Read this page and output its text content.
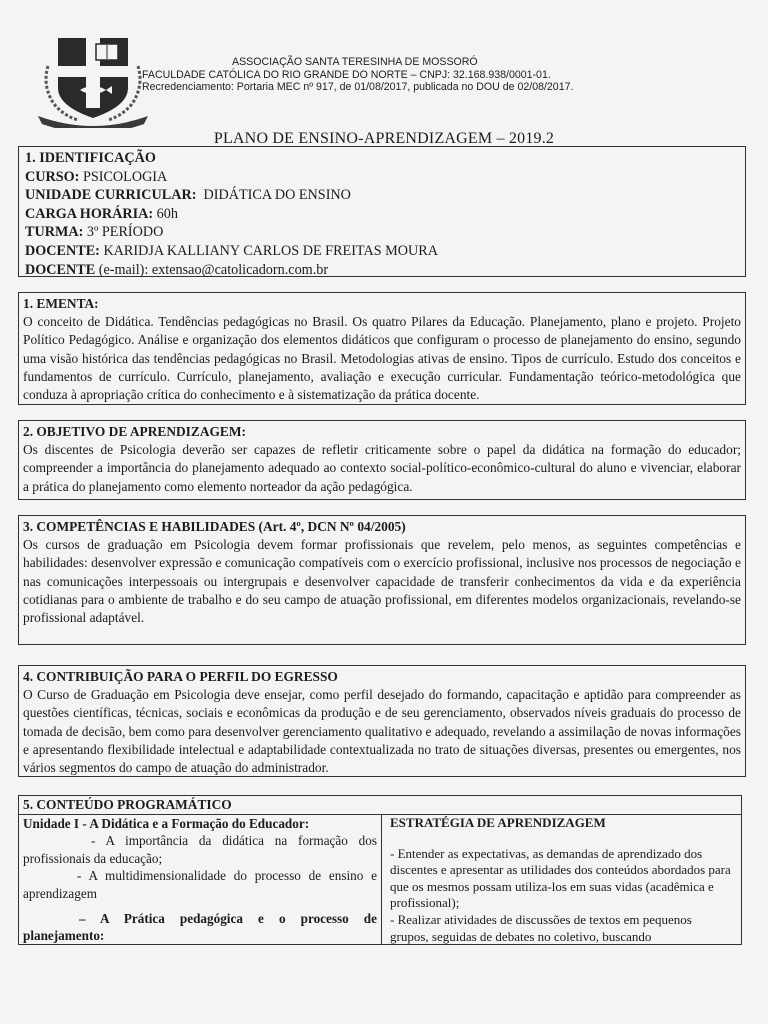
ASSOCIAÇÃO SANTA TERESINHA DE MOSSORÓ
FACULDADE CATÓLICA DO RIO GRANDE DO NORTE – CNPJ: 32.168.938/0001-01.
Recredenciamento: Portaria MEC nº 917, de 01/08/2017, publicada no DOU de 02/08/2017.
PLANO DE ENSINO-APRENDIZAGEM – 2019.2
1. IDENTIFICAÇÃO
CURSO: PSICOLOGIA
UNIDADE CURRICULAR: DIDÁTICA DO ENSINO
CARGA HORÁRIA: 60h
TURMA: 3º PERÍODO
DOCENTE: KARIDJA KALLIANY CARLOS DE FREITAS MOURA
DOCENTE (e-mail): extensao@catolicadorn.com.br
1. EMENTA:

O conceito de Didática. Tendências pedagógicas no Brasil. Os quatro Pilares da Educação. Planejamento, plano e projeto. Projeto Político Pedagógico. Análise e organização dos elementos didáticos que configuram o processo de planejamento do ensino, segundo uma visão histórica das tendências pedagógicas no Brasil. Metodologias ativas de ensino. Tipos de currículo. Estudo dos conceitos e fundamentos de currículo. Currículo, planejamento, avaliação e execução curricular. Fundamentação teórico-metodológica que conduza à apropriação crítica do conhecimento e à sistematização da prática docente.

2. OBJETIVO DE APRENDIZAGEM:

Os discentes de Psicologia deverão ser capazes de refletir criticamente sobre o papel da didática na formação do educador; compreender a importância do planejamento adequado ao contexto social-político-econômico-cultural do aluno e vivenciar, elaborar a prática do planejamento como elemento norteador da ação pedagógica.

3. COMPETÊNCIAS E HABILIDADES (Art. 4º, DCN Nº 04/2005)

Os cursos de graduação em Psicologia devem formar profissionais que revelem, pelo menos, as seguintes competências e habilidades: desenvolver expressão e comunicação compatíveis com o exercício profissional, inclusive nos processos de negociação e nas comunicações interpessoais ou intergrupais e desenvolver capacidade de transferir conhecimentos da vida e da experiência cotidianas para o ambiente de trabalho e do seu campo de atuação profissional, em diferentes modelos organizacionais, revelando-se profissional adaptável.

4. CONTRIBUIÇÃO PARA O PERFIL DO EGRESSO

O Curso de Graduação em Psicologia deve ensejar, como perfil desejado do formando, capacitação e aptidão para compreender as questões científicas, técnicas, sociais e econômicas da produção e de seu gerenciamento, observados níveis graduais do processo de tomada de decisão, bem como para desenvolver gerenciamento qualitativo e adequado, revelando a assimilação de novas informações e apresentando flexibilidade intelectual e adaptabilidade contextualizada no trato de situações diversas, presentes ou emergentes, nos vários segmentos do campo de atuação do administrador.

5. CONTEÚDO PROGRAMÁTICO
Unidade I - A Didática e a Formação do Educador:

- A importância da didática na formação dos profissionais da educação;

- A multidimensionalidade do processo de ensino e aprendizagem

– A Prática pedagógica e o processo de planejamento:

ESTRATÉGIA DE APRENDIZAGEM
- Entender as expectativas, as demandas de aprendizado dos discentes e apresentar as utilidades dos conteúdos abordados para que os mesmos possam utiliza-los em suas vidas (acadêmica e profissional);
- Realizar atividades de discussões de textos em pequenos grupos, seguidas de debates no coletivo, buscando
